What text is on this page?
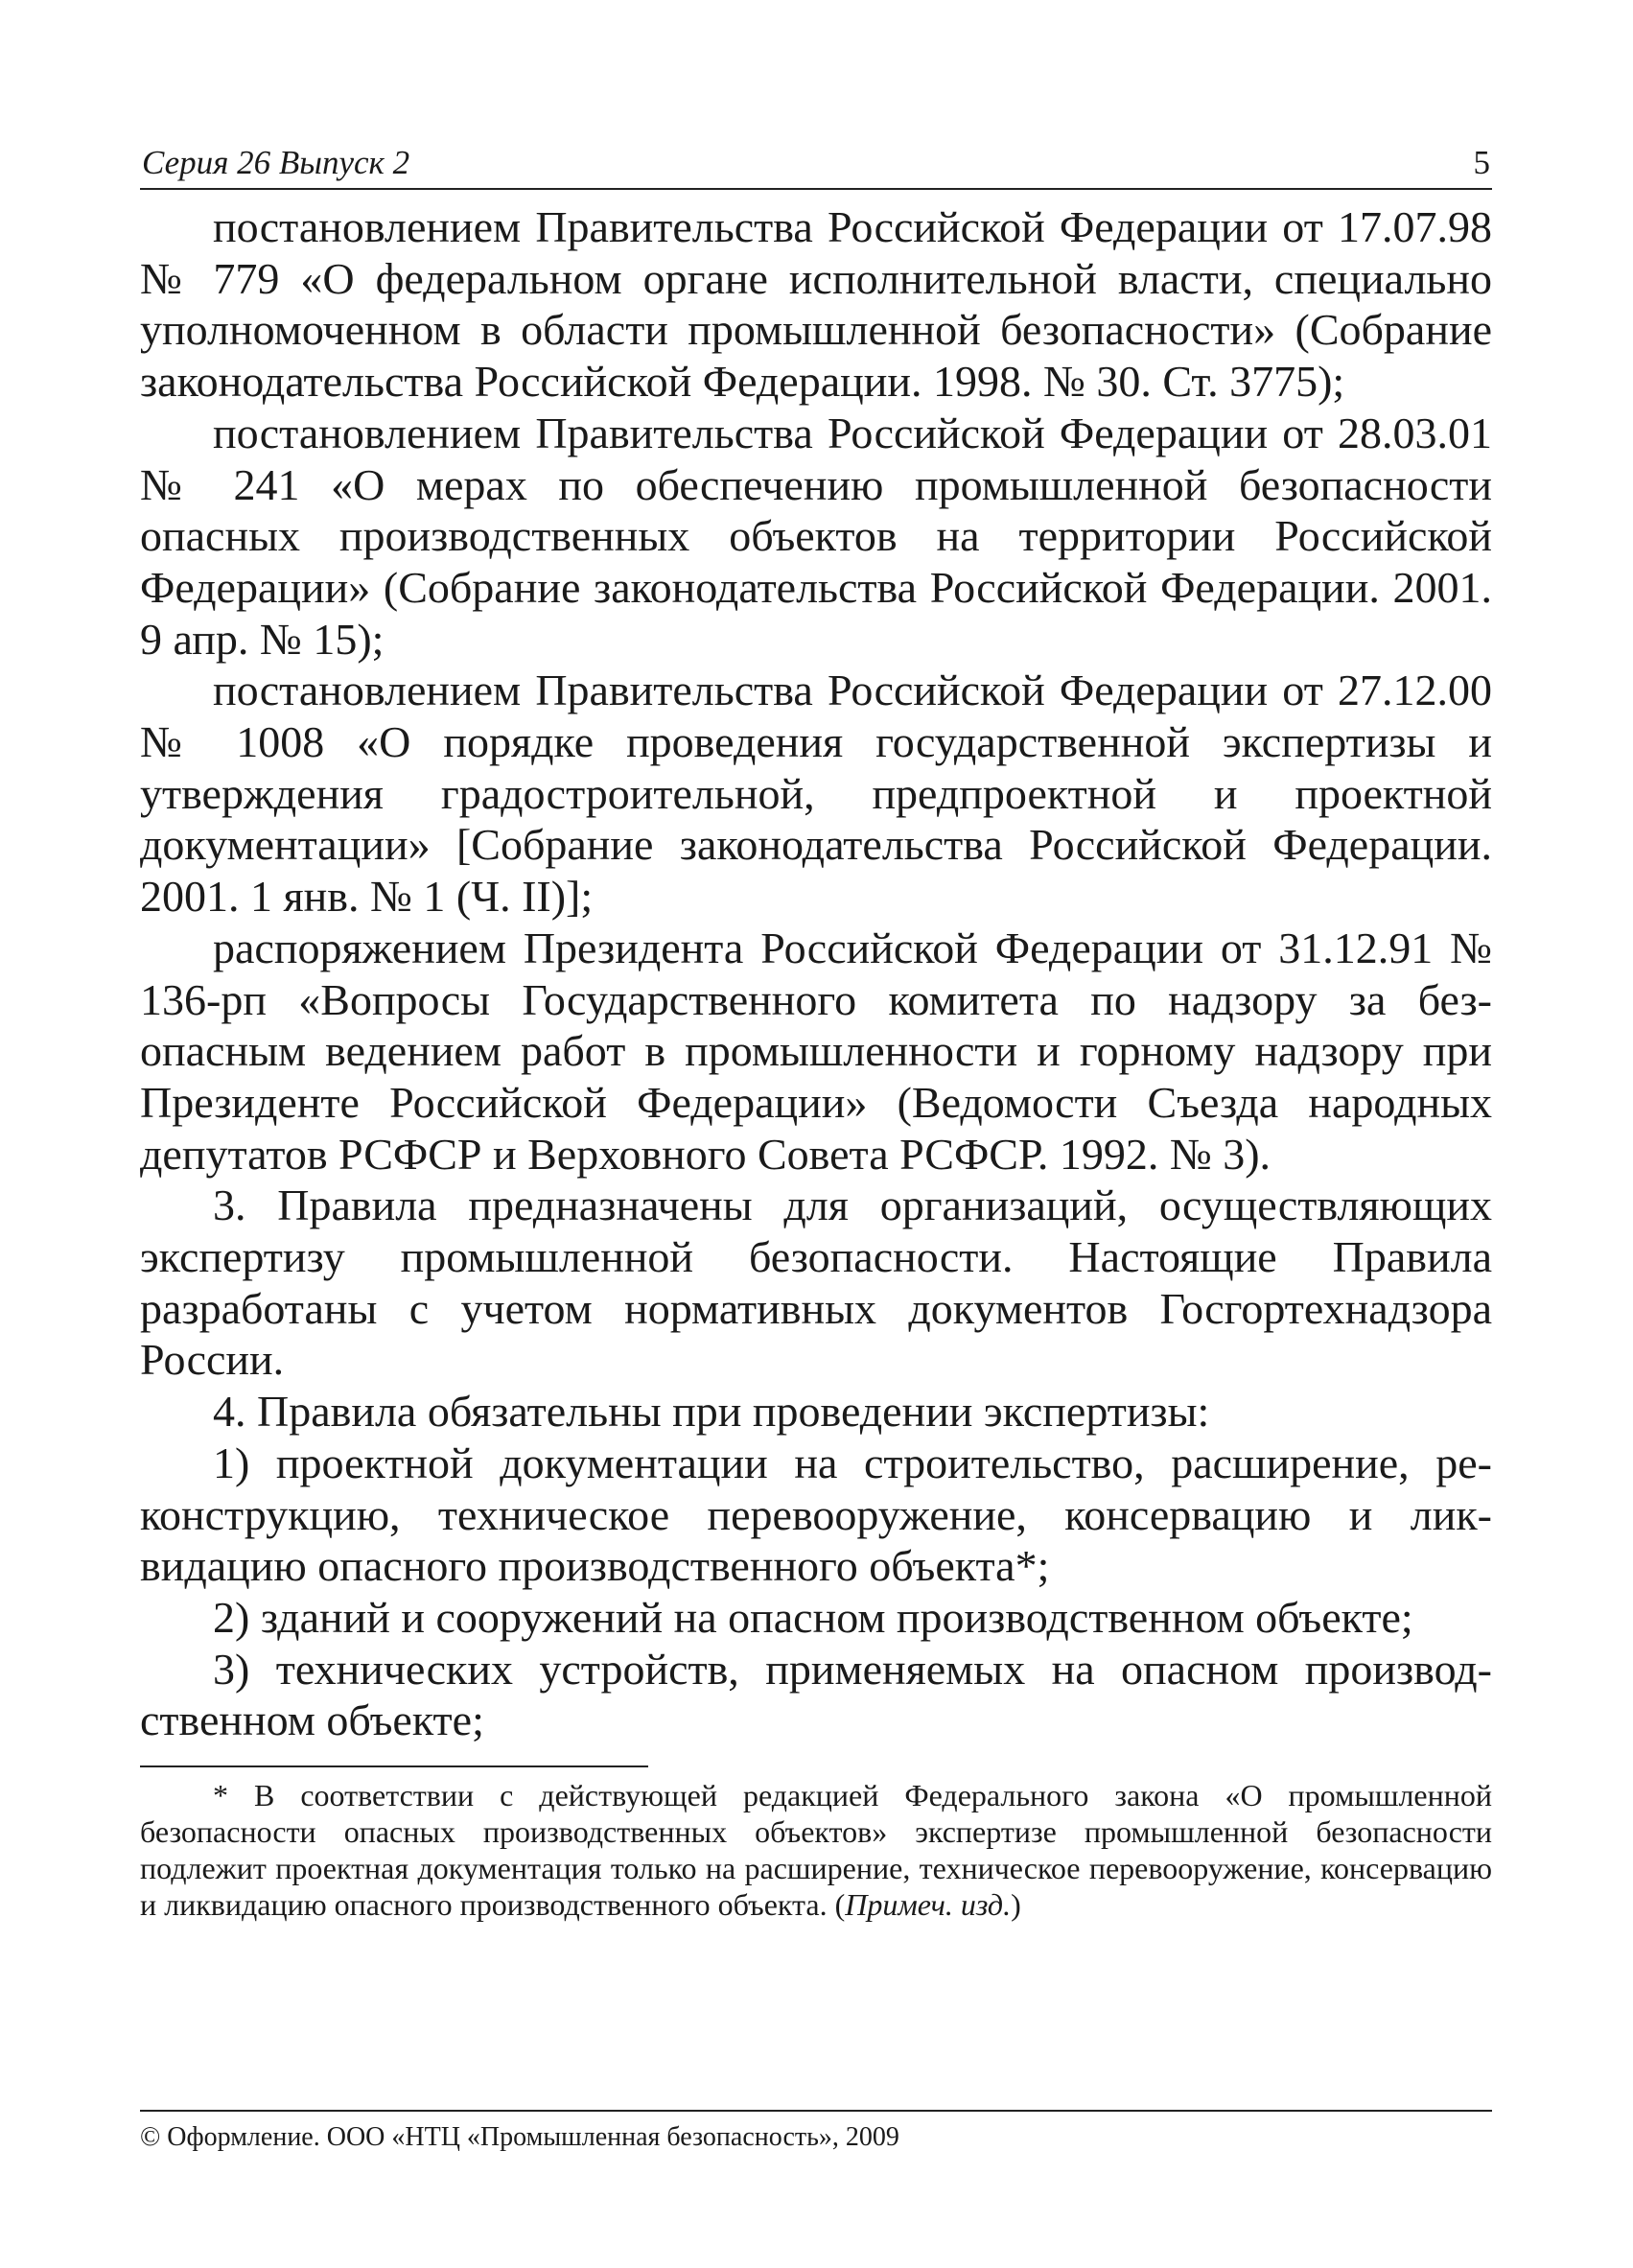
Серия 26 Выпуск 2	5

постановлением Правительства Российской Федерации от 17.07.98 № 779 «О федеральном органе исполнительной власти, специально уполномоченном в области промышленной безопасности» (Собрание законодательства Российской Федерации. 1998. № 30. Ст. 3775);

постановлением Правительства Российской Федерации от 28.03.01 № 241 «О мерах по обеспечению промышленной безопасности опасных производственных объектов на территории Российской Федерации» (Собрание законодательства Российской Федерации. 2001. 9 апр. № 15);

постановлением Правительства Российской Федерации от 27.12.00 № 1008 «О порядке проведения государственной экспертизы и утверждения градостроительной, предпроектной и проектной документации» [Собрание законодательства Российской Федерации. 2001. 1 янв. № 1 (Ч. II)];

распоряжением Президента Российской Федерации от 31.12.91 № 136-рп «Вопросы Государственного комитета по надзору за безопасным ведением работ в промышленности и горному надзору при Президенте Российской Федерации» (Ведомости Съезда народных депутатов РСФСР и Верховного Совета РСФСР. 1992. № 3).

3. Правила предназначены для организаций, осуществляющих экспертизу промышленной безопасности. Настоящие Правила разработаны с учетом нормативных документов Госгортехнадзора России.

4. Правила обязательны при проведении экспертизы:

1) проектной документации на строительство, расширение, реконструкцию, техническое перевооружение, консервацию и ликвидацию опасного производственного объекта*;

2) зданий и сооружений на опасном производственном объекте;

3) технических устройств, применяемых на опасном производственном объекте;

* В соответствии с действующей редакцией Федерального закона «О промышленной безопасности опасных производственных объектов» экспертизе промышленной безопасности подлежит проектная документация только на расширение, техническое перевооружение, консервацию и ликвидацию опасного производственного объекта. (Примеч. изд.)

© Оформление. ООО «НТЦ «Промышленная безопасность», 2009
